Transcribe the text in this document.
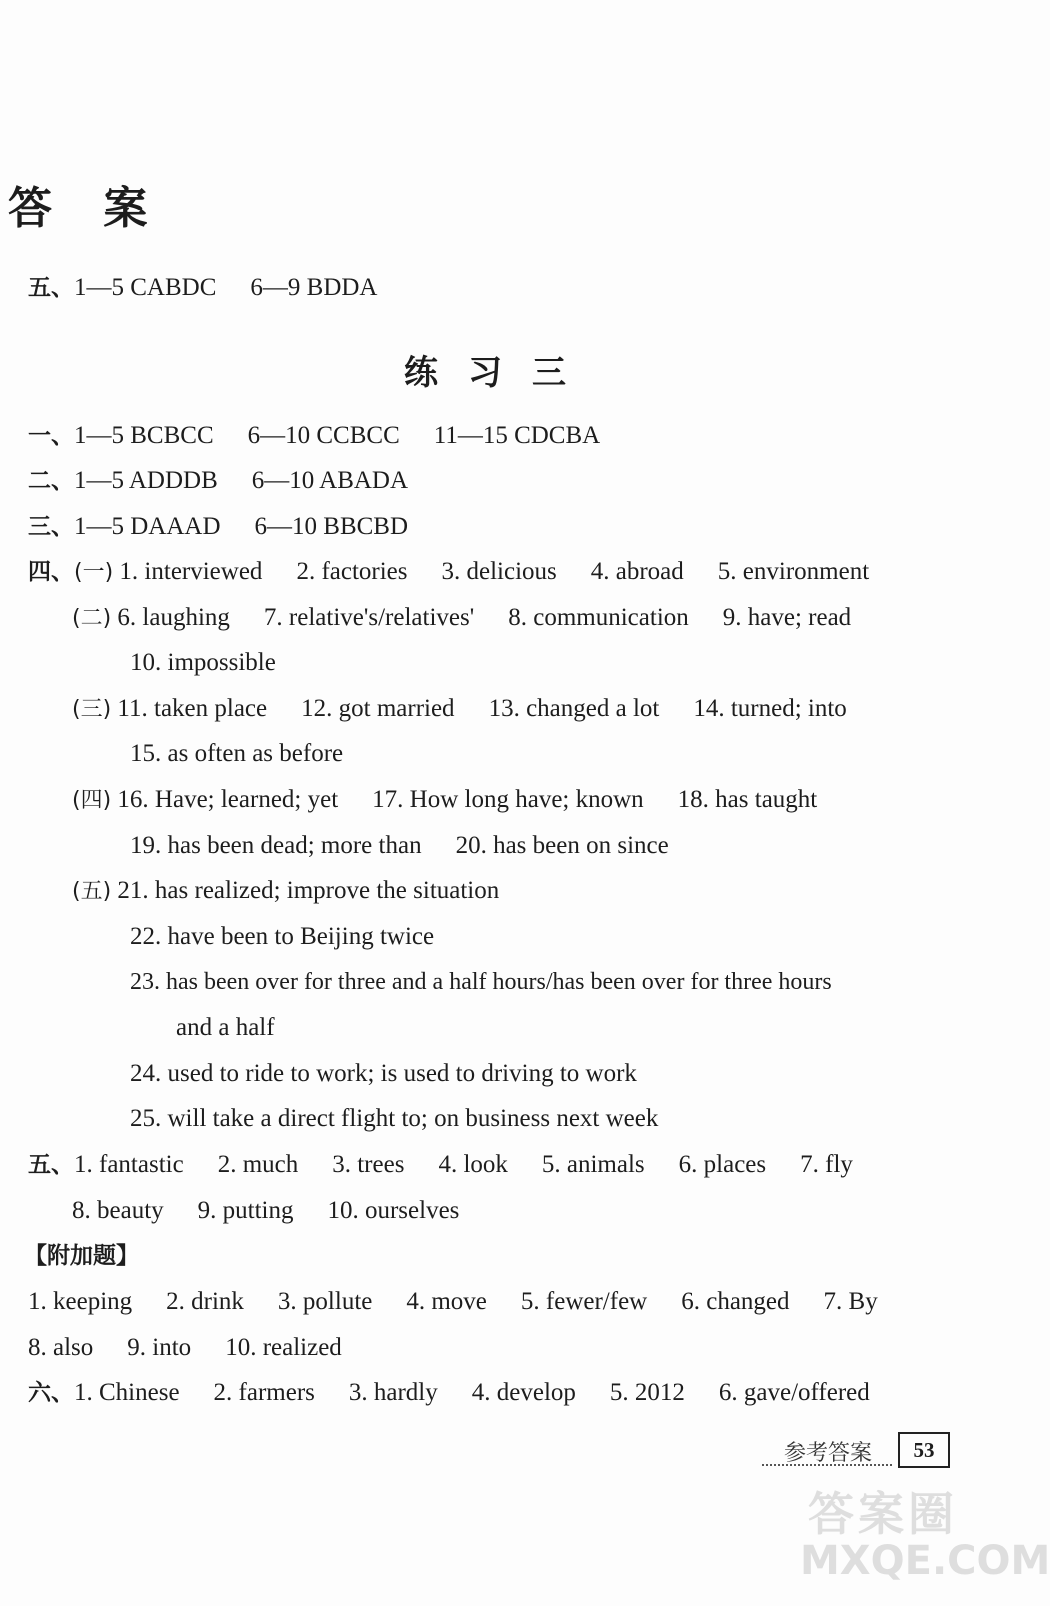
答 案
五、1—5 CABDC 6—9 BDDA
练习三
一、1—5 BCBCC 6—10 CCBCC 11—15 CDCBA
二、1—5 ADDDB 6—10 ABADA
三、1—5 DAAAD 6—10 BBCBD
四、(一) 1. interviewed 2. factories 3. delicious 4. abroad 5. environment
(二) 6. laughing 7. relative's/relatives' 8. communication 9. have; read
10. impossible
(三) 11. taken place 12. got married 13. changed a lot 14. turned; into
15. as often as before
(四) 16. Have; learned; yet 17. How long have; known 18. has taught
19. has been dead; more than 20. has been on since
(五) 21. has realized; improve the situation
22. have been to Beijing twice
23. has been over for three and a half hours/has been over for three hours
and a half
24. used to ride to work; is used to driving to work
25. will take a direct flight to; on business next week
五、1. fantastic 2. much 3. trees 4. look 5. animals 6. places 7. fly
8. beauty 9. putting 10. ourselves
【附加题】
1. keeping 2. drink 3. pollute 4. move 5. fewer/few 6. changed 7. By
8. also 9. into 10. realized
六、1. Chinese 2. farmers 3. hardly 4. develop 5. 2012 6. gave/offered
参考答案	53
答案圈
MXQE.COM
